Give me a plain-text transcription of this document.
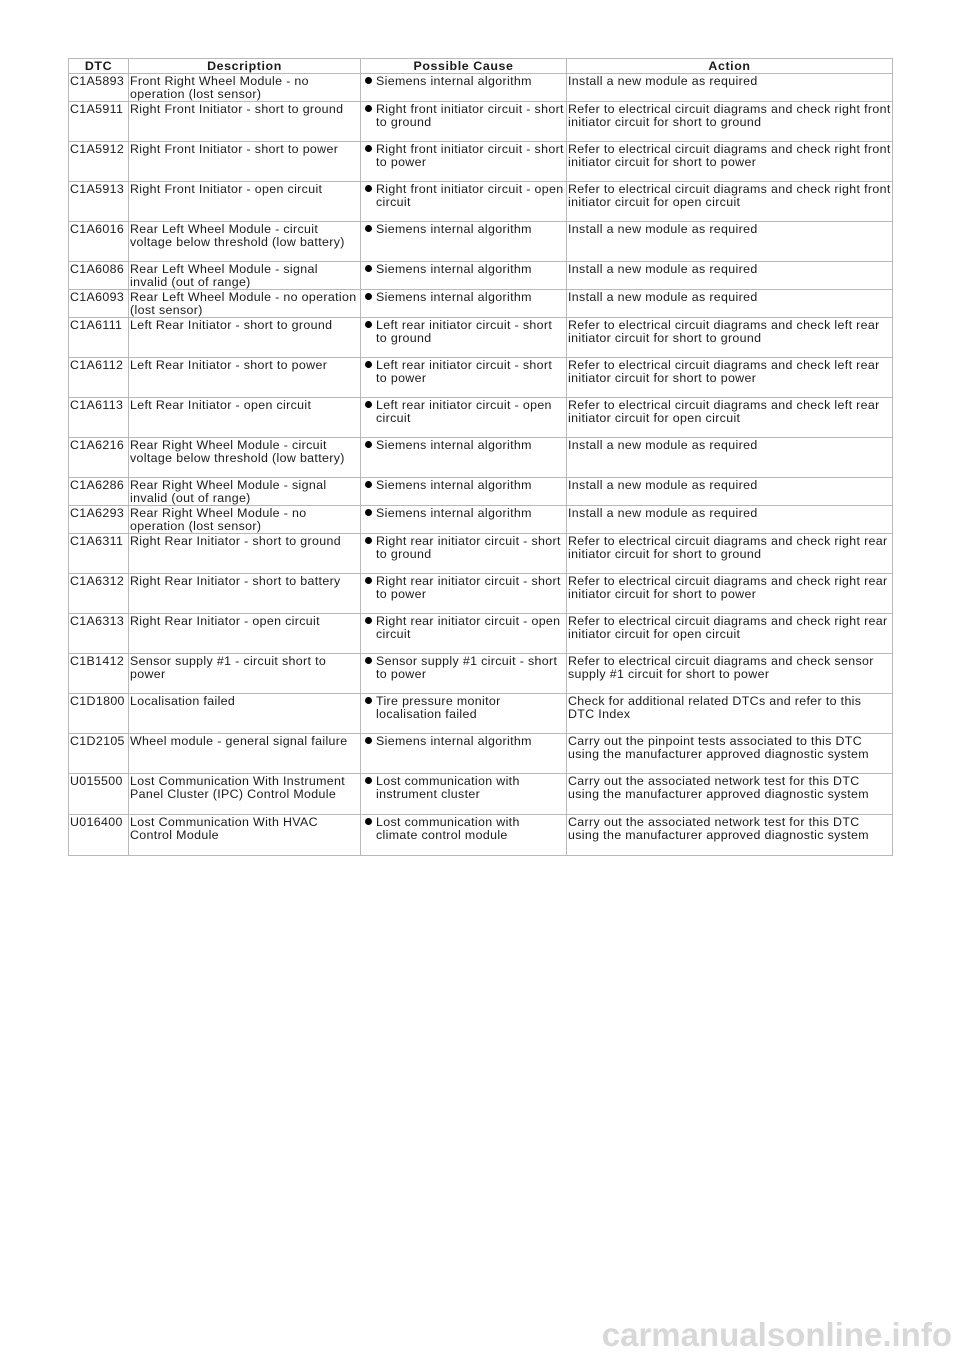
DTC	Description	Possible Cause	Action
C1A5893	Front Right Wheel Module - no operation (lost sensor)	Siemens internal algorithm	Install a new module as required
C1A5911	Right Front Initiator - short to ground	Right front initiator circuit - short to ground	Refer to electrical circuit diagrams and check right front initiator circuit for short to ground
C1A5912	Right Front Initiator - short to power	Right front initiator circuit - short to power	Refer to electrical circuit diagrams and check right front initiator circuit for short to power
C1A5913	Right Front Initiator - open circuit	Right front initiator circuit - open circuit	Refer to electrical circuit diagrams and check right front initiator circuit for open circuit
C1A6016	Rear Left Wheel Module - circuit voltage below threshold (low battery)	Siemens internal algorithm	Install a new module as required
C1A6086	Rear Left Wheel Module - signal invalid (out of range)	Siemens internal algorithm	Install a new module as required
C1A6093	Rear Left Wheel Module - no operation (lost sensor)	Siemens internal algorithm	Install a new module as required
C1A6111	Left Rear Initiator - short to ground	Left rear initiator circuit - short to ground	Refer to electrical circuit diagrams and check left rear initiator circuit for short to ground
C1A6112	Left Rear Initiator - short to power	Left rear initiator circuit - short to power	Refer to electrical circuit diagrams and check left rear initiator circuit for short to power
C1A6113	Left Rear Initiator - open circuit	Left rear initiator circuit - open circuit	Refer to electrical circuit diagrams and check left rear initiator circuit for open circuit
C1A6216	Rear Right Wheel Module - circuit voltage below threshold (low battery)	Siemens internal algorithm	Install a new module as required
C1A6286	Rear Right Wheel Module - signal invalid (out of range)	Siemens internal algorithm	Install a new module as required
C1A6293	Rear Right Wheel Module - no operation (lost sensor)	Siemens internal algorithm	Install a new module as required
C1A6311	Right Rear Initiator - short to ground	Right rear initiator circuit - short to ground	Refer to electrical circuit diagrams and check right rear initiator circuit for short to ground
C1A6312	Right Rear Initiator - short to battery	Right rear initiator circuit - short to power	Refer to electrical circuit diagrams and check right rear initiator circuit for short to power
C1A6313	Right Rear Initiator - open circuit	Right rear initiator circuit - open circuit	Refer to electrical circuit diagrams and check right rear initiator circuit for open circuit
C1B1412	Sensor supply #1 - circuit short to power	Sensor supply #1 circuit - short to power	Refer to electrical circuit diagrams and check sensor supply #1 circuit for short to power
C1D1800	Localisation failed	Tire pressure monitor localisation failed	Check for additional related DTCs and refer to this DTC Index
C1D2105	Wheel module - general signal failure	Siemens internal algorithm	Carry out the pinpoint tests associated to this DTC using the manufacturer approved diagnostic system
U015500	Lost Communication With Instrument Panel Cluster (IPC) Control Module	Lost communication with instrument cluster	Carry out the associated network test for this DTC using the manufacturer approved diagnostic system
U016400	Lost Communication With HVAC Control Module	Lost communication with climate control module	Carry out the associated network test for this DTC using the manufacturer approved diagnostic system
carmanualsonline.info
